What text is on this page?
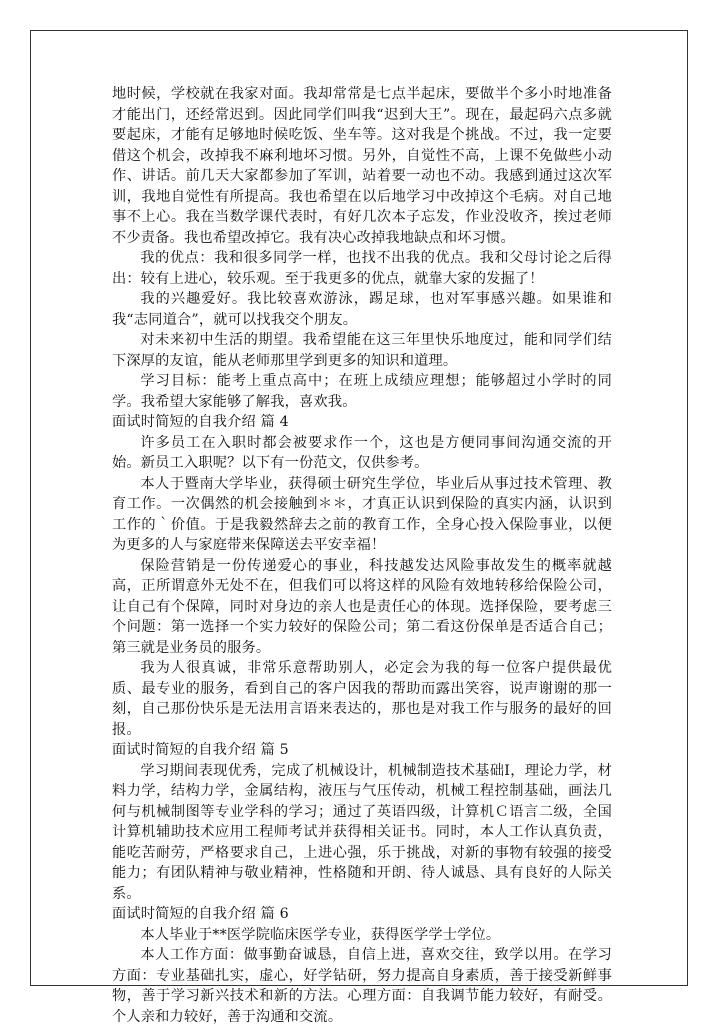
地时候，学校就在我家对面。我却常常是七点半起床，要做半个多小时地准备才能出门，还经常迟到。因此同学们叫我“迟到大王”。现在，最起码六点多就要起床，才能有足够地时候吃饭、坐车等。这对我是个挑战。不过，我一定要借这个机会，改掉我不麻利地坏习惯。另外，自觉性不高，上课不免做些小动作、讲话。前几天大家都参加了军训，站着要一动也不动。我感到通过这次军训，我地自觉性有所提高。我也希望在以后地学习中改掉这个毛病。对自己地事不上心。我在当数学课代表时，有好几次本子忘发，作业没收齐，挨过老师不少责备。我也希望改掉它。我有决心改掉我地缺点和坏习惯。

我的优点：我和很多同学一样，也找不出我的优点。我和父母讨论之后得出：较有上进心，较乐观。至于我更多的优点，就靠大家的发掘了！

我的兴趣爱好。我比较喜欢游泳，踢足球，也对军事感兴趣。如果谁和我“志同道合”，就可以找我交个朋友。

对未来初中生活的期望。我希望能在这三年里快乐地度过，能和同学们结下深厚的友谊，能从老师那里学到更多的知识和道理。

学习目标：能考上重点高中；在班上成绩应理想；能够超过小学时的同学。我希望大家能够了解我，喜欢我。

面试时简短的自我介绍 篇 4

许多员工在入职时都会被要求作一个，这也是方便同事间沟通交流的开始。新员工入职呢？以下有一份范文，仅供参考。

本人于暨南大学毕业，获得硕士研究生学位，毕业后从事过技术管理、教育工作。一次偶然的机会接触到＊＊，才真正认识到保险的真实内涵，认识到工作的｀价值。于是我毅然辞去之前的教育工作，全身心投入保险事业，以便为更多的人与家庭带来保障送去平安幸福！

保险营销是一份传递爱心的事业，科技越发达风险事故发生的概率就越高，正所谓意外无处不在，但我们可以将这样的风险有效地转移给保险公司，让自己有个保障，同时对身边的亲人也是责任心的体现。选择保险，要考虑三个问题：第一选择一个实力较好的保险公司；第二看这份保单是否适合自己；第三就是业务员的服务。

我为人很真诚，非常乐意帮助别人，必定会为我的每一位客户提供最优质、最专业的服务，看到自己的客户因我的帮助而露出笑容，说声谢谢的那一刻，自己那份快乐是无法用言语来表达的，那也是对我工作与服务的最好的回报。

面试时简短的自我介绍 篇 5

学习期间表现优秀，完成了机械设计，机械制造技术基础Ⅰ，理论力学，材料力学，结构力学，金属结构，液压与气压传动，机械工程控制基础，画法几何与机械制图等专业学科的学习；通过了英语四级，计算机Ｃ语言二级，全国计算机辅助技术应用工程师考试并获得相关证书。同时，本人工作认真负责，能吃苦耐劳，严格要求自己，上进心强，乐于挑战，对新的事物有较强的接受能力；有团队精神与敬业精神，性格随和开朗、待人诚恳、具有良好的人际关系。

面试时简短的自我介绍 篇 6

本人毕业于**医学院临床医学专业，获得医学学士学位。

本人工作方面：做事勤奋诚恳，自信上进，喜欢交往，致学以用。在学习方面：专业基础扎实，虚心，好学钻研，努力提高自身素质，善于接受新鲜事物，善于学习新兴技术和新的方法。心理方面：自我调节能力较好，有耐受。个人亲和力较好，善于沟通和交流。
